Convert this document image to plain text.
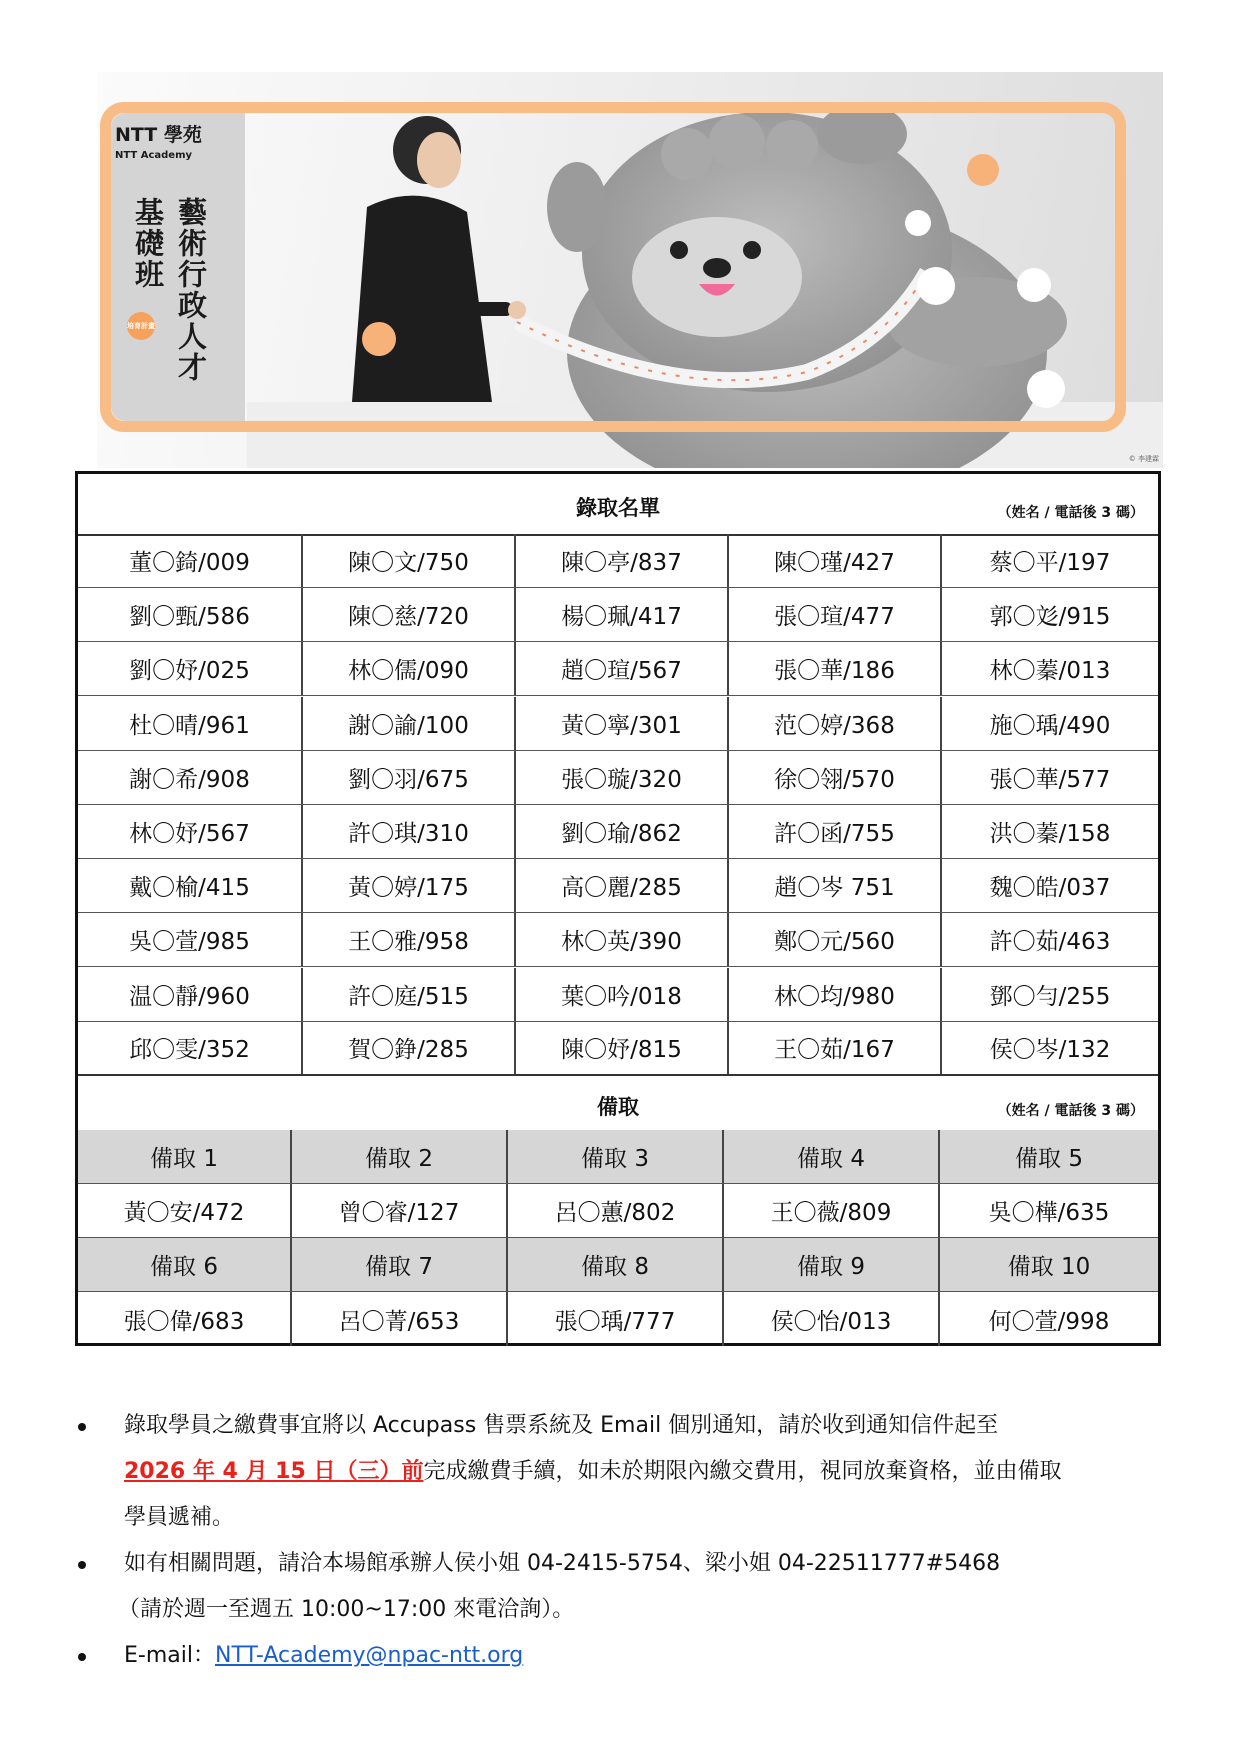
NTT 學苑
NTT Academy
藝術行政人才
基礎班
培育計畫
© 李建霖
錄取名單	（姓名 / 電話後 3 碼）
董〇錡/009	陳〇文/750	陳〇亭/837	陳〇瑾/427	蔡〇平/197
劉〇甄/586	陳〇慈/720	楊〇珮/417	張〇瑄/477	郭〇彣/915
劉〇妤/025	林〇儒/090	趙〇瑄/567	張〇華/186	林〇蓁/013
杜〇晴/961	謝〇諭/100	黃〇寧/301	范〇婷/368	施〇瑀/490
謝〇希/908	劉〇羽/675	張〇璇/320	徐〇翎/570	張〇華/577
林〇妤/567	許〇琪/310	劉〇瑜/862	許〇函/755	洪〇蓁/158
戴〇榆/415	黃〇婷/175	高〇麗/285	趙〇岑 751	魏〇皓/037
吳〇萱/985	王〇雅/958	林〇英/390	鄭〇元/560	許〇茹/463
温〇靜/960	許〇庭/515	葉〇吟/018	林〇均/980	鄧〇勻/255
邱〇雯/352	賀〇錚/285	陳〇妤/815	王〇茹/167	侯〇岑/132
備取	（姓名 / 電話後 3 碼）
備取 1	備取 2	備取 3	備取 4	備取 5
黃〇安/472	曾〇睿/127	呂〇蕙/802	王〇薇/809	吳〇樺/635
備取 6	備取 7	備取 8	備取 9	備取 10
張〇偉/683	呂〇菁/653	張〇瑀/777	侯〇怡/013	何〇萱/998
錄取學員之繳費事宜將以 Accupass 售票系統及 Email 個別通知，請於收到通知信件起至
2026 年 4 月 15 日（三）前完成繳費手續，如未於期限內繳交費用，視同放棄資格，並由備取
學員遞補。
如有相關問題，請洽本場館承辦人侯小姐 04-2415-5754、梁小姐 04-22511777#5468
（請於週一至週五 10:00~17:00 來電洽詢）。
E-mail：NTT-Academy@npac-ntt.org
